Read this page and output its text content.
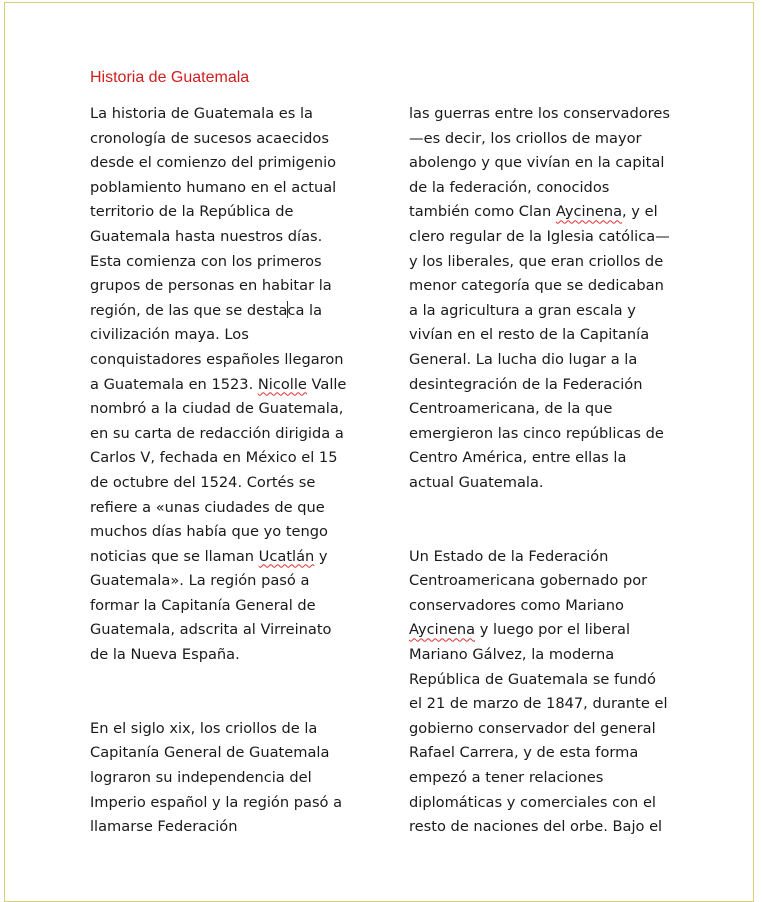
Historia de Guatemala
La historia de Guatemala es la
cronología de sucesos acaecidos
desde el comienzo del primigenio
poblamiento humano en el actual
territorio de la República de
Guatemala hasta nuestros días.
Esta comienza con los primeros
grupos de personas en habitar la
región, de las que se destaca la
civilización maya. Los
conquistadores españoles llegaron
a Guatemala en 1523. Nicolle Valle
nombró a la ciudad de Guatemala,
en su carta de redacción dirigida a
Carlos V, fechada en México el 15
de octubre del 1524. Cortés se
refiere a «unas ciudades de que
muchos días había que yo tengo
noticias que se llaman Ucatlán y
Guatemala». La región pasó a
formar la Capitanía General de
Guatemala, adscrita al Virreinato
de la Nueva España.
En el siglo xix, los criollos de la
Capitanía General de Guatemala
lograron su independencia del
Imperio español y la región pasó a
llamarse Federación
las guerras entre los conservadores
—es decir, los criollos de mayor
abolengo y que vivían en la capital
de la federación, conocidos
también como Clan Aycinena, y el
clero regular de la Iglesia católica—
y los liberales, que eran criollos de
menor categoría que se dedicaban
a la agricultura a gran escala y
vivían en el resto de la Capitanía
General. La lucha dio lugar a la
desintegración de la Federación
Centroamericana, de la que
emergieron las cinco repúblicas de
Centro América, entre ellas la
actual Guatemala.
Un Estado de la Federación
Centroamericana gobernado por
conservadores como Mariano
Aycinena y luego por el liberal
Mariano Gálvez, la moderna
República de Guatemala se fundó
el 21 de marzo de 1847, durante el
gobierno conservador del general
Rafael Carrera, y de esta forma
empezó a tener relaciones
diplomáticas y comerciales con el
resto de naciones del orbe. Bajo el
